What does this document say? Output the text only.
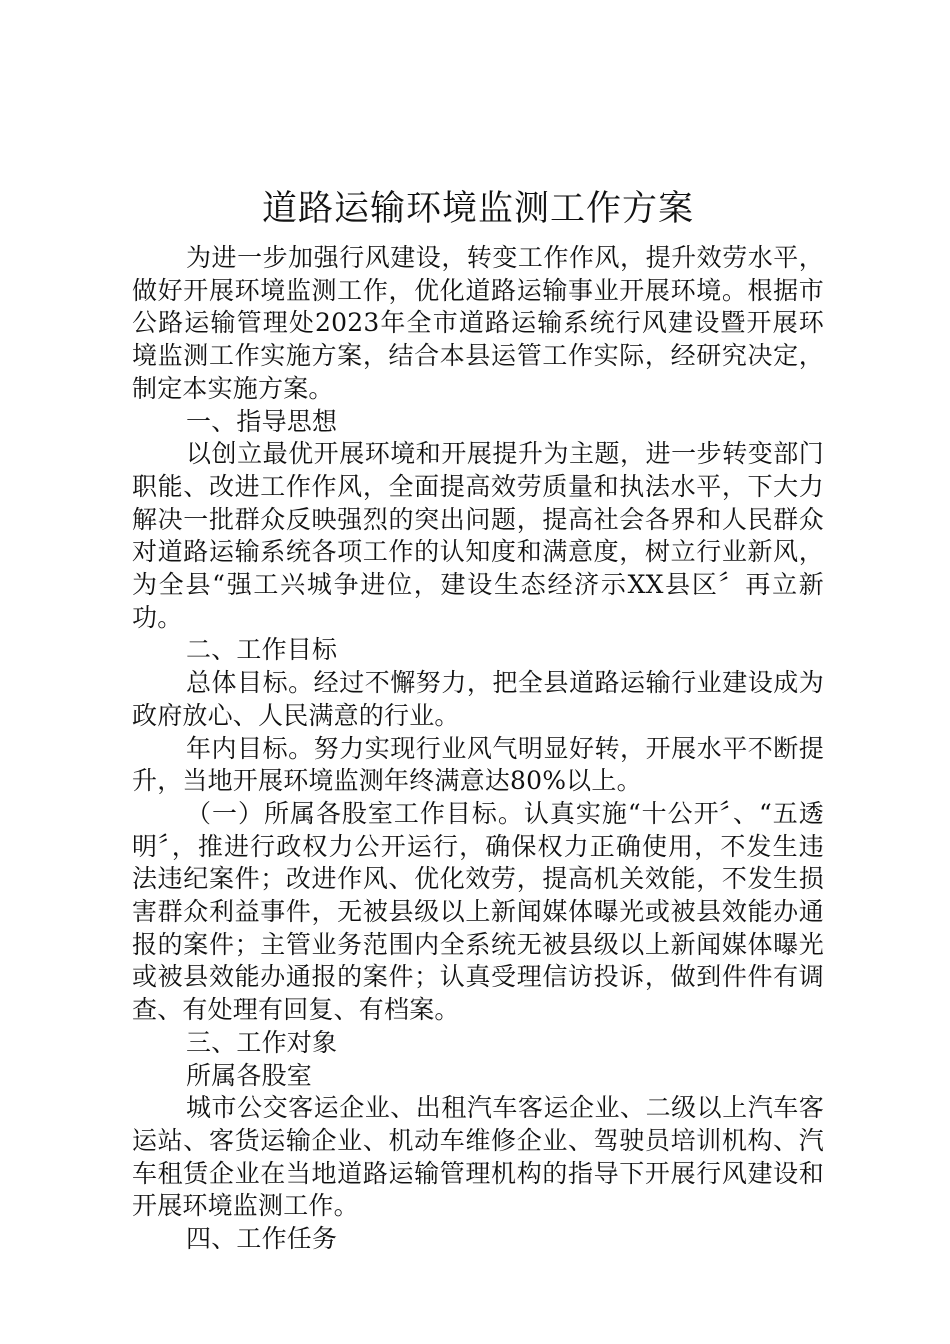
道路运输环境监测工作方案

为进一步加强行风建设，转变工作作风，提升效劳水平，做好开展环境监测工作，优化道路运输事业开展环境。根据市公路运输管理处2023年全市道路运输系统行风建设暨开展环境监测工作实施方案，结合本县运管工作实际，经研究决定，制定本实施方案。

一、指导思想

以创立最优开展环境和开展提升为主题，进一步转变部门职能、改进工作作风，全面提高效劳质量和执法水平，下大力解决一批群众反映强烈的突出问题，提高社会各界和人民群众对道路运输系统各项工作的认知度和满意度，树立行业新风，为全县“强工兴城争进位，建设生态经济示XX县区〞再立新功。

二、工作目标

总体目标。经过不懈努力，把全县道路运输行业建设成为政府放心、人民满意的行业。

年内目标。努力实现行业风气明显好转，开展水平不断提升，当地开展环境监测年终满意达80%以上。

（一）所属各股室工作目标。认真实施“十公开〞、“五透明〞，推进行政权力公开运行，确保权力正确使用，不发生违法违纪案件；改进作风、优化效劳，提高机关效能，不发生损害群众利益事件，无被县级以上新闻媒体曝光或被县效能办通报的案件；主管业务范围内全系统无被县级以上新闻媒体曝光或被县效能办通报的案件；认真受理信访投诉，做到件件有调查、有处理有回复、有档案。

三、工作对象

所属各股室

城市公交客运企业、出租汽车客运企业、二级以上汽车客运站、客货运输企业、机动车维修企业、驾驶员培训机构、汽车租赁企业在当地道路运输管理机构的指导下开展行风建设和开展环境监测工作。

四、工作任务
